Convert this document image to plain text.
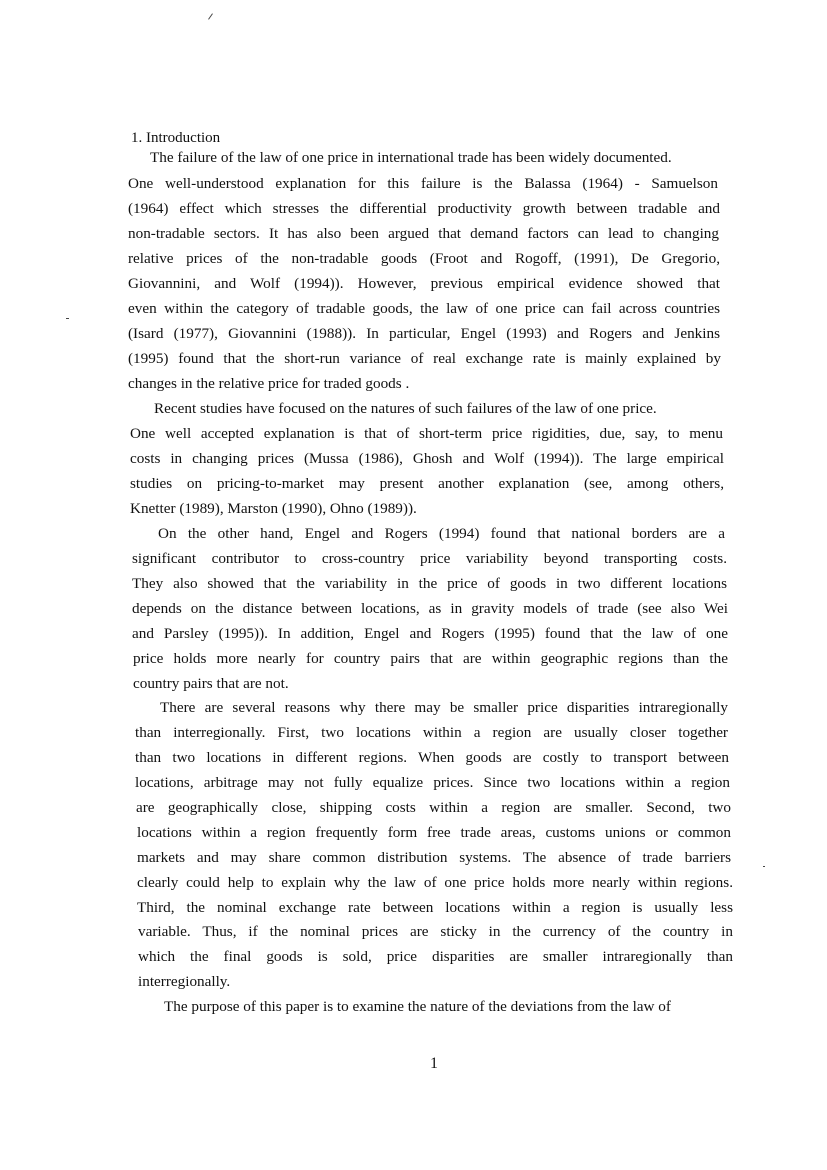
1. Introduction
The failure of the law of one price in international trade has been widely documented.
One well-understood explanation for this failure is the Balassa (1964) - Samuelson
(1964) effect which stresses the differential productivity growth between tradable and
non-tradable sectors. It has also been argued that demand factors can lead to changing
relative prices of the non-tradable goods (Froot and Rogoff, (1991), De Gregorio,
Giovannini, and Wolf (1994)). However, previous empirical evidence showed that
even within the category of tradable goods, the law of one price can fail across countries
(Isard (1977), Giovannini (1988)). In particular, Engel (1993) and Rogers and Jenkins
(1995) found that the short-run variance of real exchange rate is mainly explained by
changes in the relative price for traded goods .
Recent studies have focused on the natures of such failures of the law of one price.
One well accepted explanation is that of short-term price rigidities, due, say, to menu
costs in changing prices (Mussa (1986), Ghosh and Wolf (1994)). The large empirical
studies on pricing-to-market may present another explanation (see, among others,
Knetter (1989), Marston (1990), Ohno (1989)).
On the other hand, Engel and Rogers (1994) found that national borders are a
significant contributor to cross-country price variability beyond transporting costs.
They also showed that the variability in the price of goods in two different locations
depends on the distance between locations, as in gravity models of trade (see also Wei
and Parsley (1995)). In addition, Engel and Rogers (1995) found that the law of one
price holds more nearly for country pairs that are within geographic regions than the
country pairs that are not.
There are several reasons why there may be smaller price disparities intraregionally
than interregionally. First, two locations within a region are usually closer together
than two locations in different regions. When goods are costly to transport between
locations, arbitrage may not fully equalize prices. Since two locations within a region
are geographically close, shipping costs within a region are smaller. Second, two
locations within a region frequently form free trade areas, customs unions or common
markets and may share common distribution systems. The absence of trade barriers
clearly could help to explain why the law of one price holds more nearly within regions.
Third, the nominal exchange rate between locations within a region is usually less
variable. Thus, if the nominal prices are sticky in the currency of the country in
which the final goods is sold, price disparities are smaller intraregionally than
interregionally.
The purpose of this paper is to examine the nature of the deviations from the law of
1
